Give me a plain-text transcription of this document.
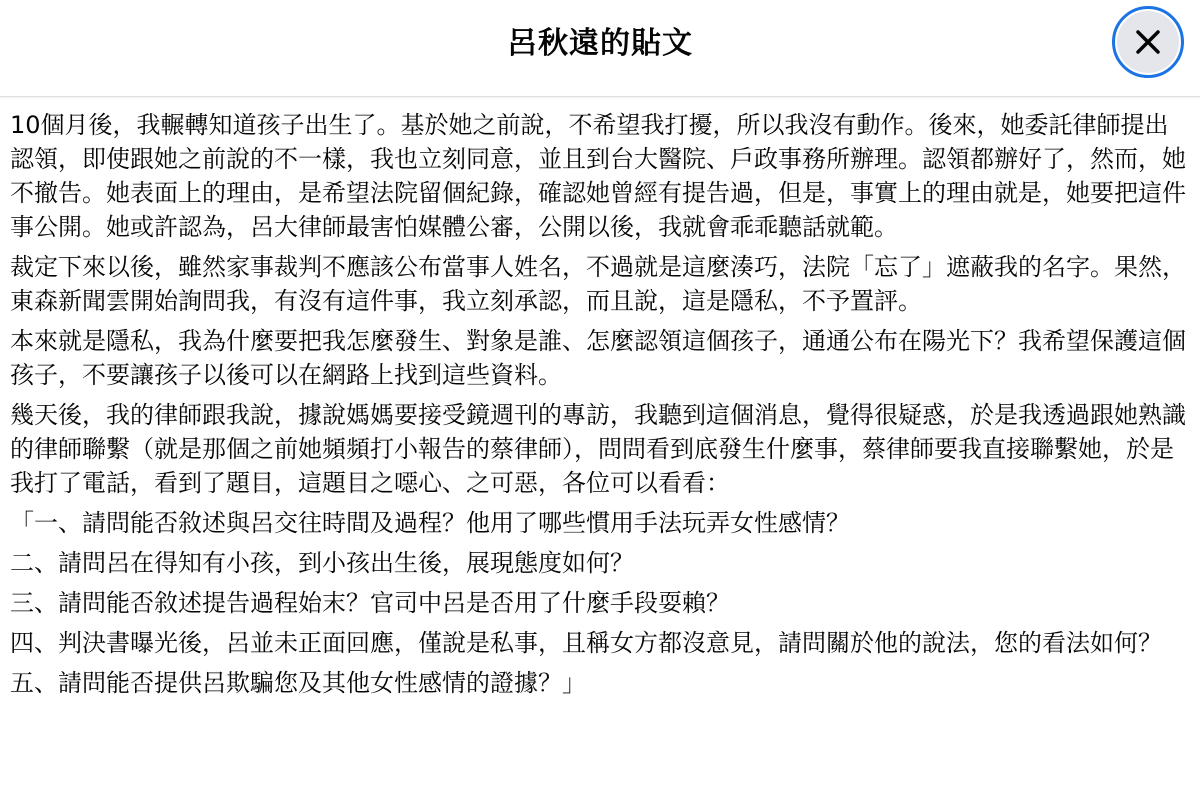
呂秋遠的貼文

10個月後，我輾轉知道孩子出生了。基於她之前說，不希望我打擾，所以我沒有動作。後來，她委託律師提出認領，即使跟她之前說的不一樣，我也立刻同意，並且到台大醫院、戶政事務所辦理。認領都辦好了，然而，她不撤告。她表面上的理由，是希望法院留個紀錄，確認她曾經有提告過，但是，事實上的理由就是，她要把這件事公開。她或許認為，呂大律師最害怕媒體公審，公開以後，我就會乖乖聽話就範。

裁定下來以後，雖然家事裁判不應該公布當事人姓名，不過就是這麼湊巧，法院「忘了」遮蔽我的名字。果然，東森新聞雲開始詢問我，有沒有這件事，我立刻承認，而且說，這是隱私，不予置評。

本來就是隱私，我為什麼要把我怎麼發生、對象是誰、怎麼認領這個孩子，通通公布在陽光下？我希望保護這個孩子，不要讓孩子以後可以在網路上找到這些資料。

幾天後，我的律師跟我說，據說媽媽要接受鏡週刊的專訪，我聽到這個消息，覺得很疑惑，於是我透過跟她熟識的律師聯繫（就是那個之前她頻頻打小報告的蔡律師），問問看到底發生什麼事，蔡律師要我直接聯繫她，於是我打了電話，看到了題目，這題目之噁心、之可惡，各位可以看看：

「一、請問能否敘述與呂交往時間及過程？他用了哪些慣用手法玩弄女性感情？

二、請問呂在得知有小孩，到小孩出生後，展現態度如何？

三、請問能否敘述提告過程始末？官司中呂是否用了什麼手段耍賴？

四、判決書曝光後，呂並未正面回應，僅說是私事，且稱女方都沒意見，請問關於他的說法，您的看法如何？

五、請問能否提供呂欺騙您及其他女性感情的證據？」
